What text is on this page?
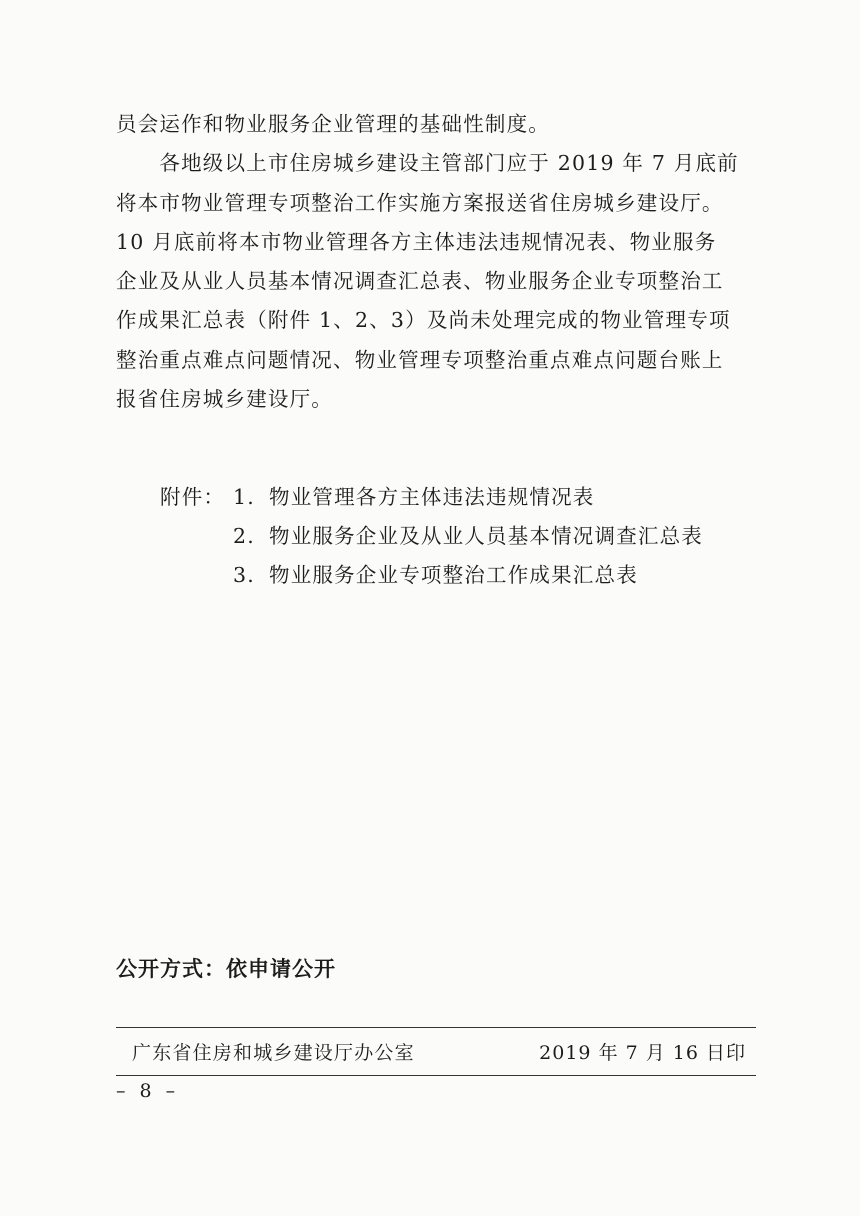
员会运作和物业服务企业管理的基础性制度。
　　各地级以上市住房城乡建设主管部门应于 2019 年 7 月底前
将本市物业管理专项整治工作实施方案报送省住房城乡建设厅。
10 月底前将本市物业管理各方主体违法违规情况表、物业服务
企业及从业人员基本情况调查汇总表、物业服务企业专项整治工
作成果汇总表（附件 1、2、3）及尚未处理完成的物业管理专项
整治重点难点问题情况、物业管理专项整治重点难点问题台账上
报省住房城乡建设厅。
附件： 1. 物业管理各方主体违法违规情况表
2. 物业服务企业及从业人员基本情况调查汇总表
3. 物业服务企业专项整治工作成果汇总表
公开方式：依申请公开
广东省住房和城乡建设厅办公室	2019 年 7 月 16 日印
– 8 –
